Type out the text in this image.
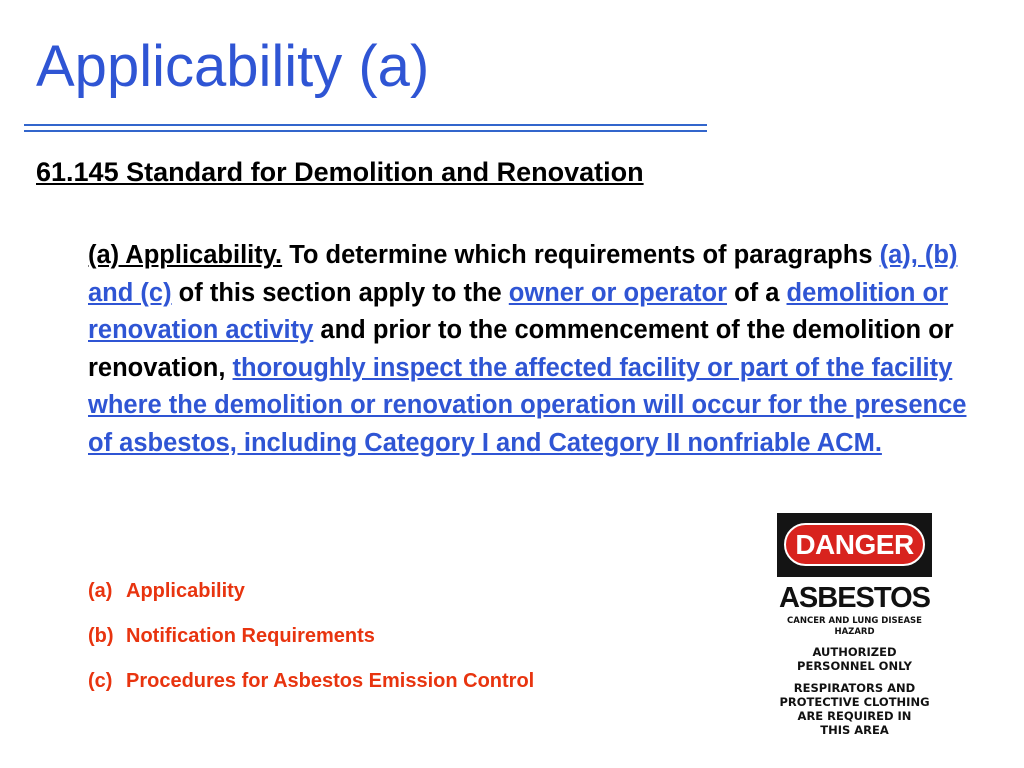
Applicability (a)
61.145 Standard for Demolition and Renovation
(a) Applicability. To determine which requirements of paragraphs (a), (b) and (c) of this section apply to the owner or operator of a demolition or renovation activity and prior to the commencement of the demolition or renovation, thoroughly inspect the affected facility or part of the facility where the demolition or renovation operation will occur for the presence of asbestos, including Category I and Category II nonfriable ACM.
(a) Applicability
(b) Notification Requirements
(c) Procedures for Asbestos Emission Control
DANGER
ASBESTOS
CANCER AND LUNG DISEASE
HAZARD
AUTHORIZED
PERSONNEL ONLY
RESPIRATORS AND
PROTECTIVE CLOTHING
ARE REQUIRED IN
THIS AREA
